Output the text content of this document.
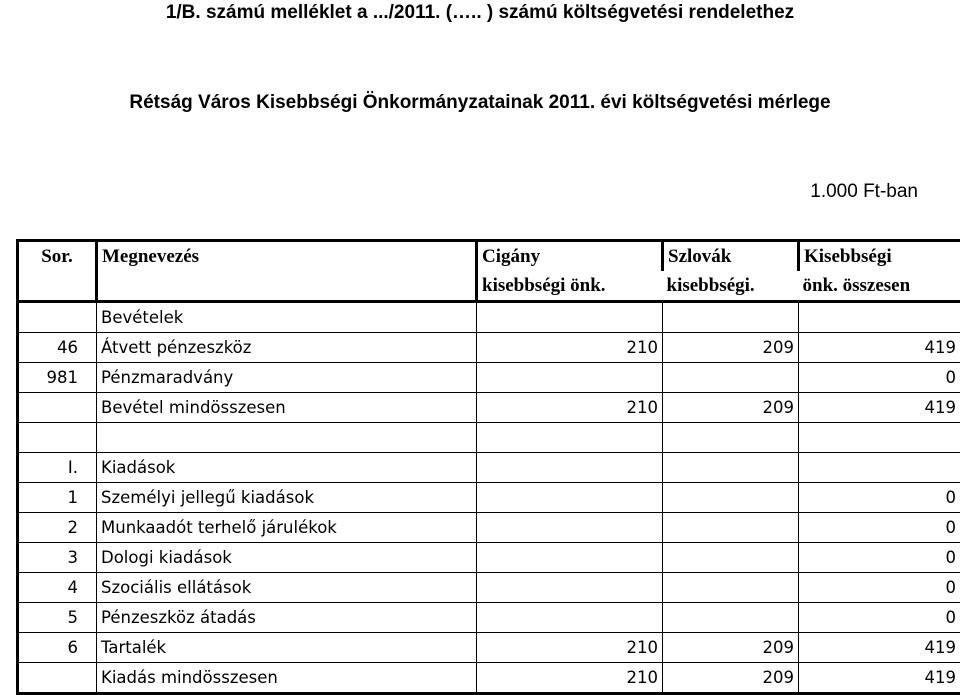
1/B. számú melléklet a .../2011. (….. ) számú költségvetési rendelethez
Rétság Város Kisebbségi Önkormányzatainak 2011. évi költségvetési mérlege
1.000 Ft-ban
Sor.	Megnevezés	Cigány	Szlovák	Kisebbségi
		kisebbségi önk.	kisebbségi.	önk. összesen
	Bevételek			
46	Átvett pénzeszköz	210	209	419
981	Pénzmaradvány			0
	Bevétel mindösszesen	210	209	419

I.	Kiadások			
1	Személyi jellegű kiadások			0
2	Munkaadót terhelő járulékok			0
3	Dologi kiadások			0
4	Szociális ellátások			0
5	Pénzeszköz átadás			0
6	Tartalék	210	209	419
	Kiadás mindösszesen	210	209	419
